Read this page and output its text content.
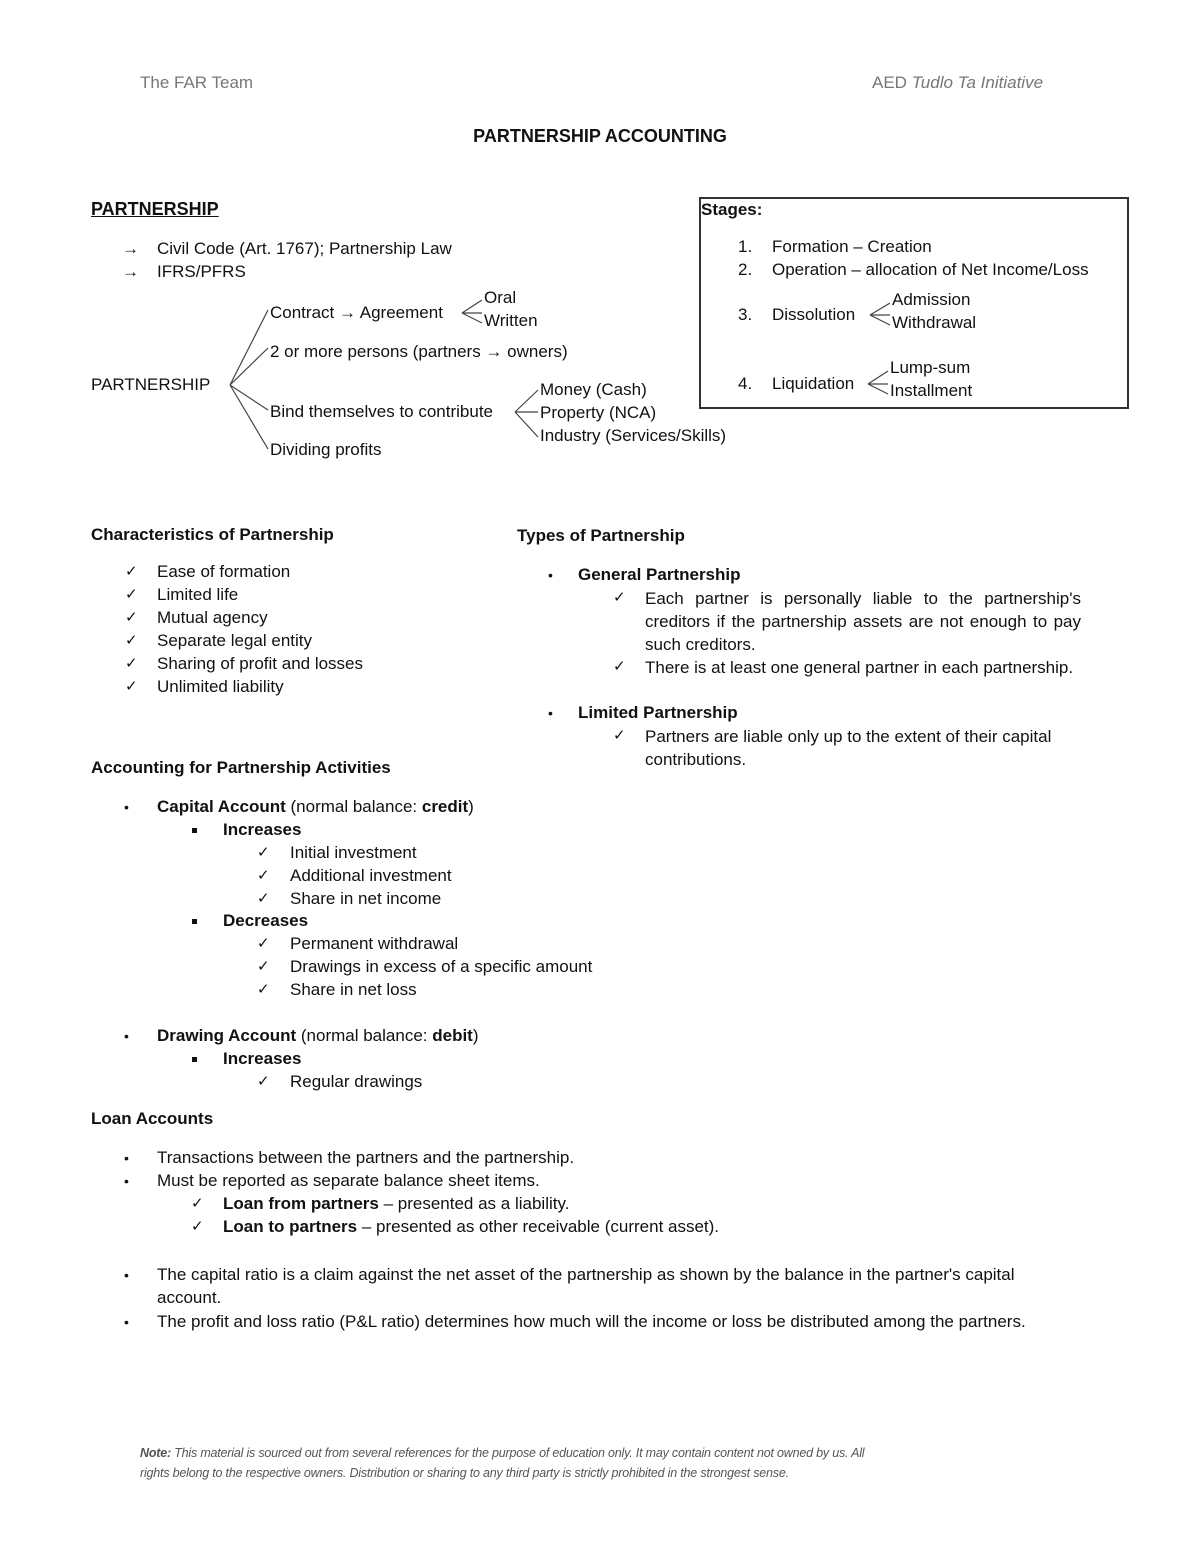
The FAR Team	AED Tudlo Ta Initiative
PARTNERSHIP ACCOUNTING
PARTNERSHIP
→ Civil Code (Art. 1767); Partnership Law
→ IFRS/PFRS
PARTNERSHIP
Contract → Agreement
Oral
Written
2 or more persons (partners → owners)
Bind themselves to contribute
Money (Cash)
Property (NCA)
Industry (Services/Skills)
Dividing profits
Stages:
1. Formation – Creation
2. Operation – allocation of Net Income/Loss
3. Dissolution
Admission
Withdrawal
4. Liquidation
Lump-sum
Installment
Characteristics of Partnership
✓ Ease of formation
✓ Limited life
✓ Mutual agency
✓ Separate legal entity
✓ Sharing of profit and losses
✓ Unlimited liability
Types of Partnership
• General Partnership
✓ Each partner is personally liable to the partnership's creditors if the partnership assets are not enough to pay such creditors.
✓ There is at least one general partner in each partnership.
• Limited Partnership
✓ Partners are liable only up to the extent of their capital contributions.
Accounting for Partnership Activities
• Capital Account (normal balance: credit)
Increases
✓ Initial investment
✓ Additional investment
✓ Share in net income
Decreases
✓ Permanent withdrawal
✓ Drawings in excess of a specific amount
✓ Share in net loss
• Drawing Account (normal balance: debit)
Increases
✓ Regular drawings
Loan Accounts
• Transactions between the partners and the partnership.
• Must be reported as separate balance sheet items.
✓ Loan from partners – presented as a liability.
✓ Loan to partners – presented as other receivable (current asset).
• The capital ratio is a claim against the net asset of the partnership as shown by the balance in the partner's capital
account.
• The profit and loss ratio (P&L ratio) determines how much will the income or loss be distributed among the partners.
Note: This material is sourced out from several references for the purpose of education only. It may contain content not owned by us. All
rights belong to the respective owners. Distribution or sharing to any third party is strictly prohibited in the strongest sense.
